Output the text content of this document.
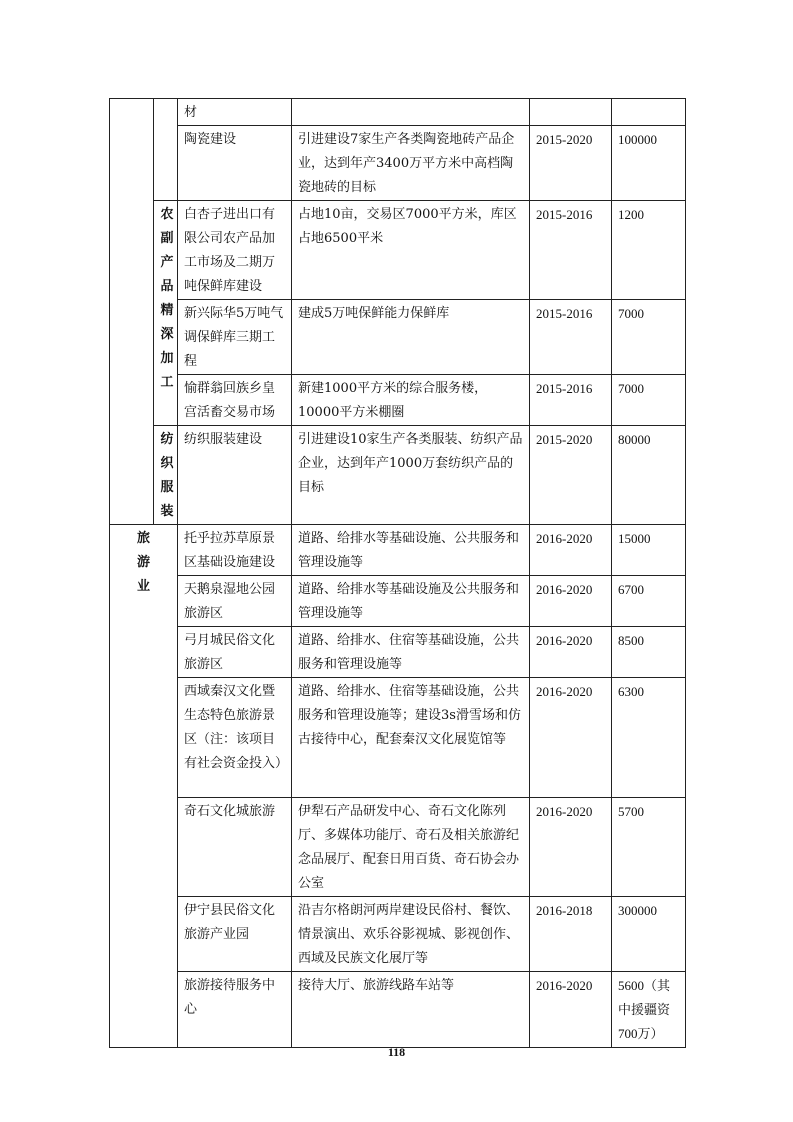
		材			
		陶瓷建设	引进建设7家生产各类陶瓷地砖产品企业，达到年产3400万平方米中高档陶瓷地砖的目标	2015-2020	100000

	农副产品精深加工	白杏子进出口有限公司农产品加工市场及二期万吨保鲜库建设	占地10亩，交易区7000平方米，库区占地6500平米	2015-2016	1200
		新兴际华5万吨气调保鲜库三期工程	建成5万吨保鲜能力保鲜库	2015-2016	7000
		愉群翁回族乡皇宫活畜交易市场	新建1000平方米的综合服务楼，10000平方米棚圈	2015-2016	7000

	纺织服装	纺织服装建设	引进建设10家生产各类服装、纺织产品企业，达到年产1000万套纺织产品的目标	2015-2020	80000

旅游业		托乎拉苏草原景区基础设施建设	道路、给排水等基础设施、公共服务和管理设施等	2016-2020	15000
		天鹅泉湿地公园旅游区	道路、给排水等基础设施及公共服务和管理设施等	2016-2020	6700
		弓月城民俗文化旅游区	道路、给排水、住宿等基础设施，公共服务和管理设施等	2016-2020	8500
		西域秦汉文化暨生态特色旅游景区（注：该项目有社会资金投入）	道路、给排水、住宿等基础设施，公共服务和管理设施等；建设3s滑雪场和仿古接待中心，配套秦汉文化展览馆等	2016-2020	6300
		奇石文化城旅游	伊犁石产品研发中心、奇石文化陈列厅、多媒体功能厅、奇石及相关旅游纪念品展厅、配套日用百货、奇石协会办公室	2016-2020	5700
		伊宁县民俗文化旅游产业园	沿吉尔格朗河两岸建设民俗村、餐饮、情景演出、欢乐谷影视城、影视创作、西域及民族文化展厅等	2016-2018	300000
		旅游接待服务中心	接待大厅、旅游线路车站等	2016-2020	5600（其中援疆资700万）
118
